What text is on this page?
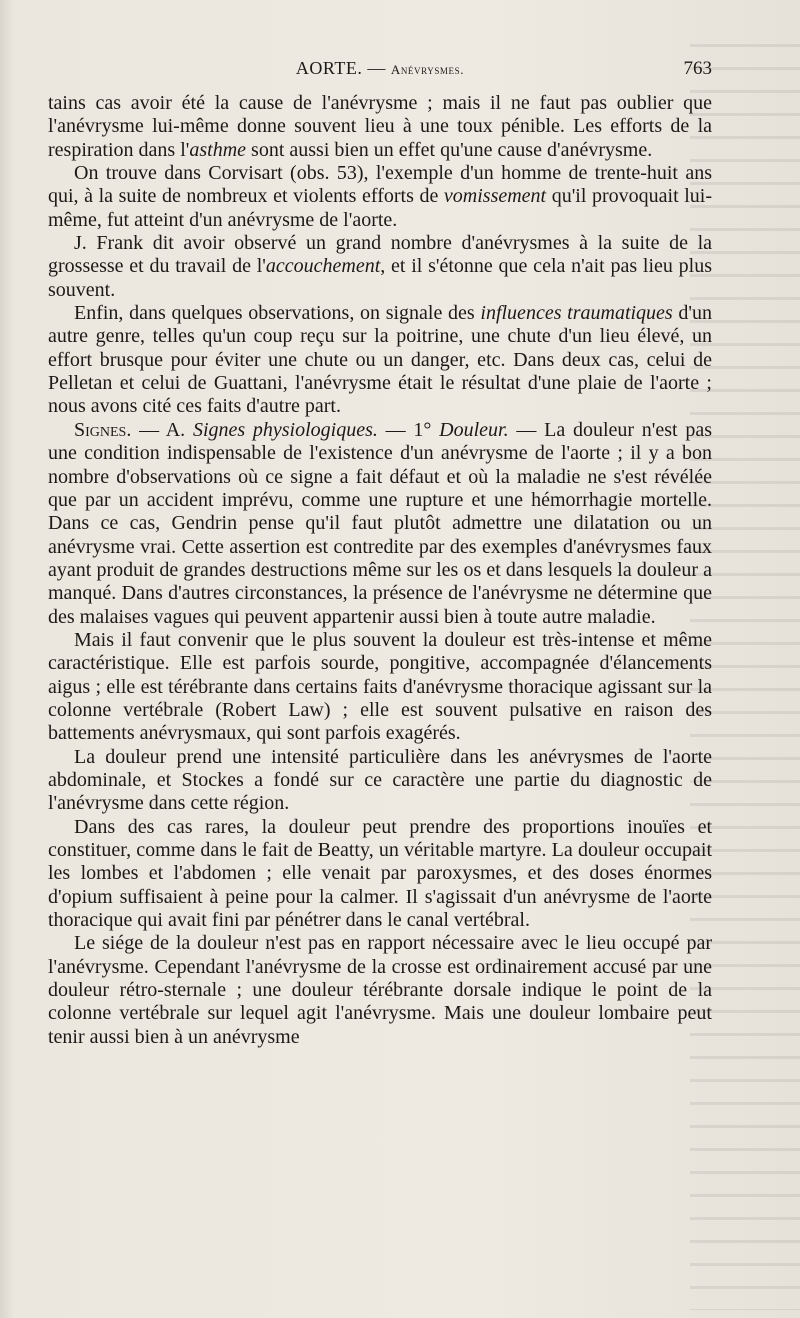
AORTE. — Anévrysmes.	763

tains cas avoir été la cause de l'anévrysme ; mais il ne faut pas oublier que l'anévrysme lui-même donne souvent lieu à une toux pénible. Les efforts de la respiration dans l'asthme sont aussi bien un effet qu'une cause d'anévrysme.

On trouve dans Corvisart (obs. 53), l'exemple d'un homme de trente-huit ans qui, à la suite de nombreux et violents efforts de vomissement qu'il provoquait lui-même, fut atteint d'un anévrysme de l'aorte.

J. Frank dit avoir observé un grand nombre d'anévrysmes à la suite de la grossesse et du travail de l'accouchement, et il s'étonne que cela n'ait pas lieu plus souvent.

Enfin, dans quelques observations, on signale des influences traumatiques d'un autre genre, telles qu'un coup reçu sur la poitrine, une chute d'un lieu élevé, un effort brusque pour éviter une chute ou un danger, etc. Dans deux cas, celui de Pelletan et celui de Guattani, l'anévrysme était le résultat d'une plaie de l'aorte ; nous avons cité ces faits d'autre part.

Signes. — A. Signes physiologiques. — 1° Douleur. — La douleur n'est pas une condition indispensable de l'existence d'un anévrysme de l'aorte ; il y a bon nombre d'observations où ce signe a fait défaut et où la maladie ne s'est révélée que par un accident imprévu, comme une rupture et une hémorrhagie mortelle. Dans ce cas, Gendrin pense qu'il faut plutôt admettre une dilatation ou un anévrysme vrai. Cette assertion est contredite par des exemples d'anévrysmes faux ayant produit de grandes destructions même sur les os et dans lesquels la douleur a manqué. Dans d'autres circonstances, la présence de l'anévrysme ne détermine que des malaises vagues qui peuvent appartenir aussi bien à toute autre maladie.

Mais il faut convenir que le plus souvent la douleur est très-intense et même caractéristique. Elle est parfois sourde, pongitive, accompagnée d'élancements aigus ; elle est térébrante dans certains faits d'anévrysme thoracique agissant sur la colonne vertébrale (Robert Law) ; elle est souvent pulsative en raison des battements anévrysmaux, qui sont parfois exagérés.

La douleur prend une intensité particulière dans les anévrysmes de l'aorte abdominale, et Stockes a fondé sur ce caractère une partie du diagnostic de l'anévrysme dans cette région.

Dans des cas rares, la douleur peut prendre des proportions inouïes et constituer, comme dans le fait de Beatty, un véritable martyre. La douleur occupait les lombes et l'abdomen ; elle venait par paroxysmes, et des doses énormes d'opium suffisaient à peine pour la calmer. Il s'agissait d'un anévrysme de l'aorte thoracique qui avait fini par pénétrer dans le canal vertébral.

Le siége de la douleur n'est pas en rapport nécessaire avec le lieu occupé par l'anévrysme. Cependant l'anévrysme de la crosse est ordinairement accusé par une douleur rétro-sternale ; une douleur térébrante dorsale indique le point de la colonne vertébrale sur lequel agit l'anévrysme. Mais une douleur lombaire peut tenir aussi bien à un anévrysme
